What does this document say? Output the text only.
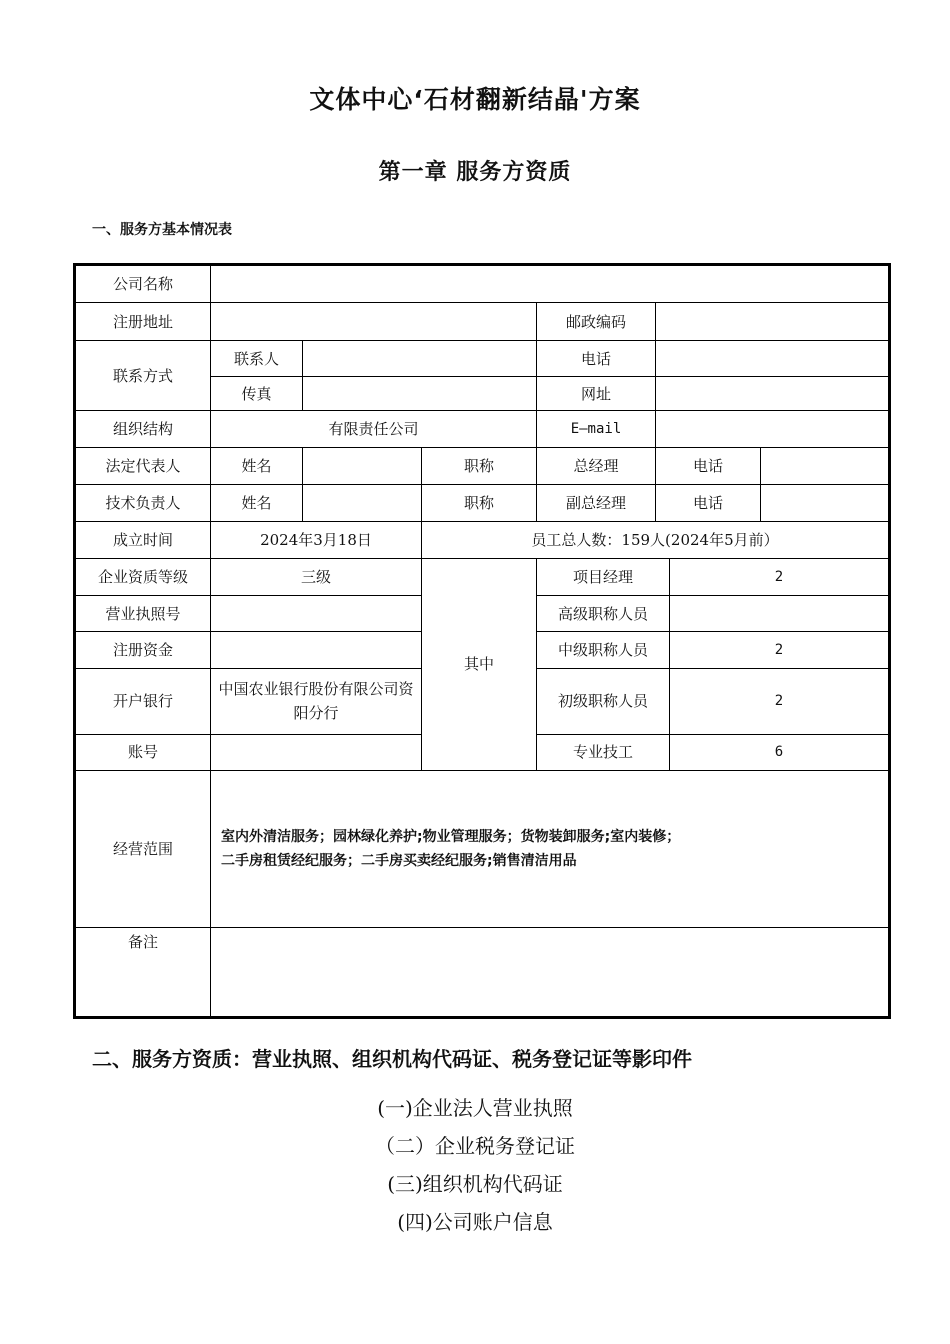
文体中心‘石材翻新结晶'方案
第一章 服务方资质
一、服务方基本情况表
公司名称							
注册地址				邮政编码			
联系方式	联系人			电话			
	传真			网址			
组织结构	有限责任公司			E—mail			
法定代表人	姓名		职称	总经理	电话		
技术负责人	姓名		职称	副总经理	电话		
成立时间	2024年3月18日		员工总人数：159人(2024年5月前）				
企业资质等级	三级		其中	项目经理		2	
营业执照号				高级职称人员			
注册资金				中级职称人员		2	
开户银行	中国农业银行股份有限公司资阳分行			初级职称人员		2	
账号				专业技工		6	
经营范围	室内外清洁服务；园林绿化养护;物业管理服务；货物装卸服务;室内装修；
二手房租赁经纪服务；二手房买卖经纪服务;销售清洁用品						

备注							
二、服务方资质：营业执照、组织机构代码证、税务登记证等影印件
(一)企业法人营业执照
（二）企业税务登记证
(三)组织机构代码证
(四)公司账户信息
